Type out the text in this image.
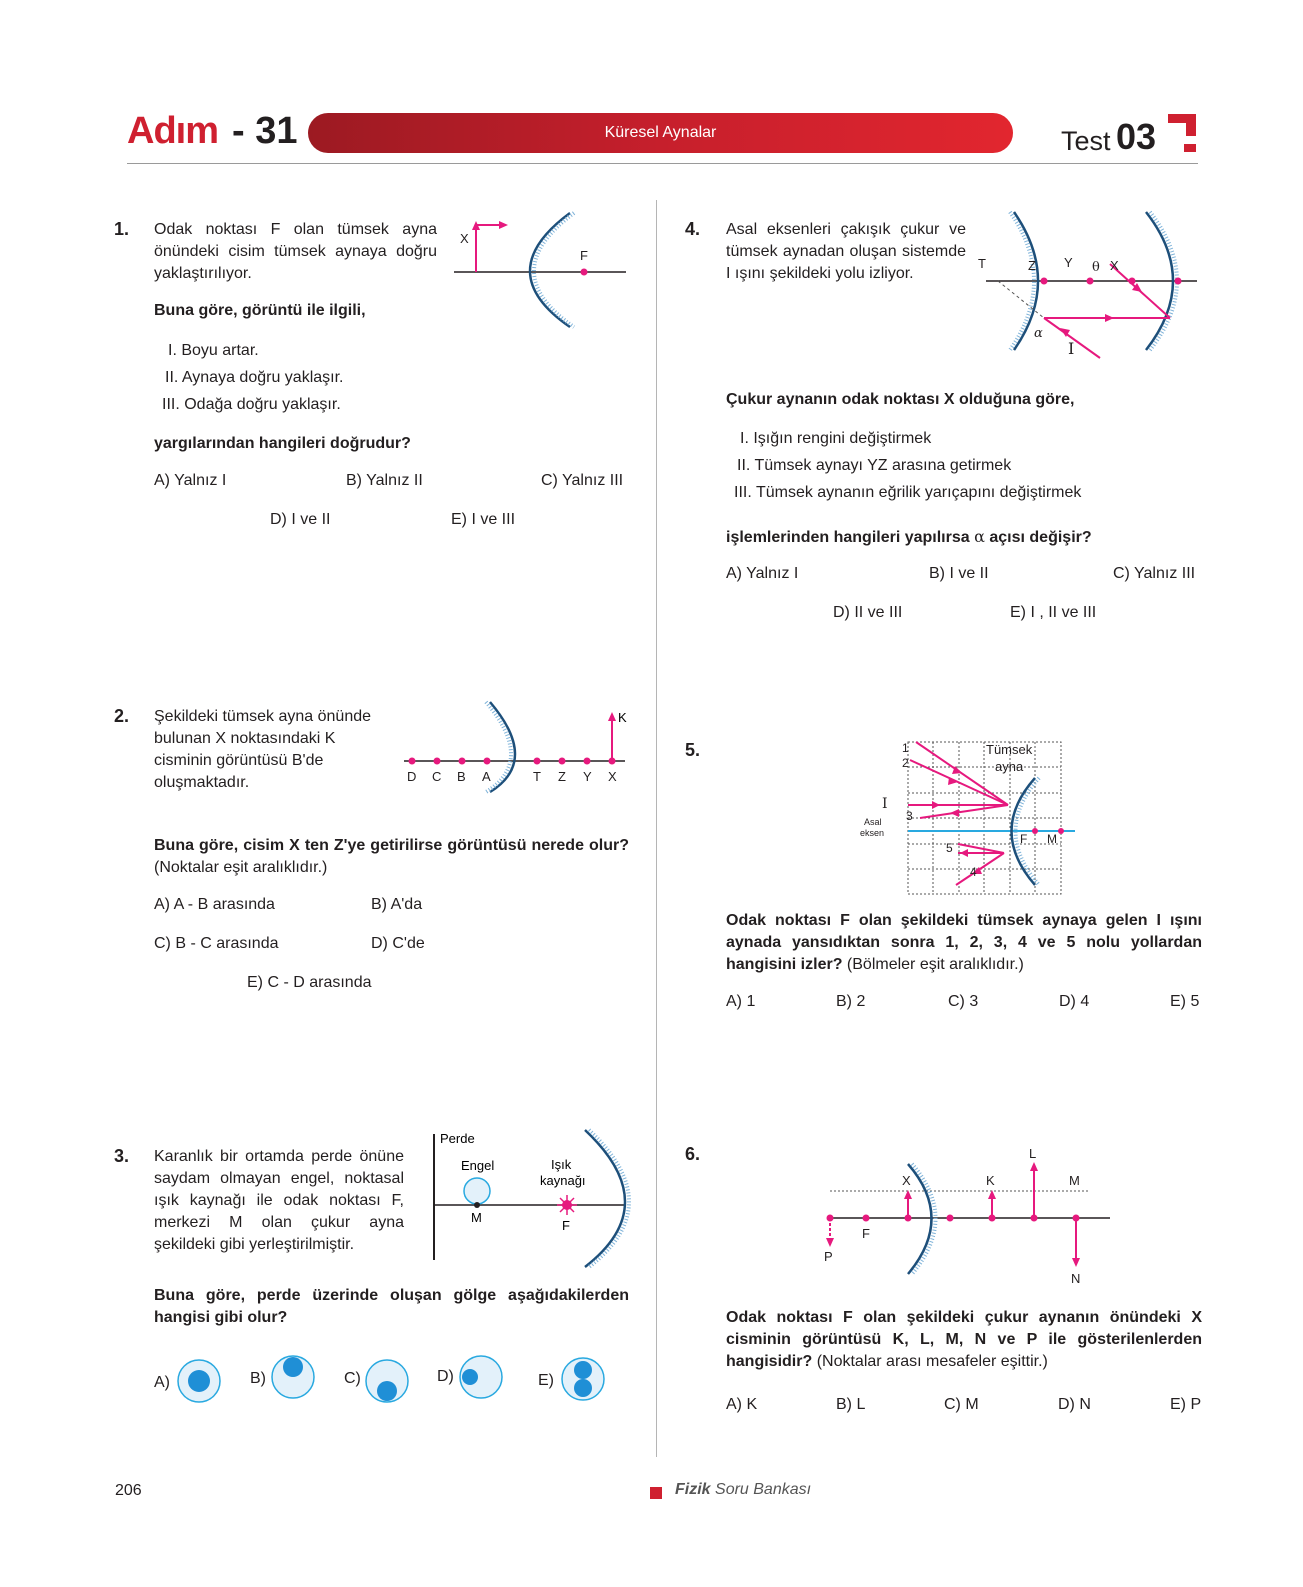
Adım - 31	Küresel Aynalar	Test 03
1. Odak noktası F olan tümsek ayna önündeki cisim tümsek aynaya doğru yaklaştırılıyor.
X
F
Buna göre, görüntü ile ilgili,
I. Boyu artar.
II. Aynaya doğru yaklaşır.
III. Odağa doğru yaklaşır.
yargılarından hangileri doğrudur?
A) Yalnız I	B) Yalnız II	C) Yalnız III
D) I ve II	E) I ve III
2. Şekildeki tümsek ayna önünde bulunan X noktasındaki K cisminin görüntüsü B'de oluşmaktadır.
K
D C B A	T Z Y X
Buna göre, cisim X ten Z'ye getirilirse görüntüsü nerede olur? (Noktalar eşit aralıklıdır.)
A) A - B arasında	B) A'da
C) B - C arasında	D) C'de
E) C - D arasında
3. Karanlık bir ortamda perde önüne saydam olmayan engel, noktasal ışık kaynağı ile odak noktası F, merkezi M olan çukur ayna şekildeki gibi yerleştirilmiştir.
Perde
Engel
M
Işık
kaynağı
F
Buna göre, perde üzerinde oluşan gölge aşağıdakilerden hangisi gibi olur?
A)	B)	C)	D)	E)
4. Asal eksenleri çakışık çukur ve tümsek aynadan oluşan sistemde I ışını şekildeki yolu izliyor.
T	Z Y θ X
α
I
Çukur aynanın odak noktası X olduğuna göre,
I. Işığın rengini değiştirmek
II. Tümsek aynayı YZ arasına getirmek
III. Tümsek aynanın eğrilik yarıçapını değiştirmek
işlemlerinden hangileri yapılırsa α açısı değişir?
A) Yalnız I	B) I ve II	C) Yalnız III
D) II ve III	E) I , II ve III
5.	1
2
3
4
5
I
Tümsek
ayna
Asal
eksen	F M
Odak noktası F olan şekildeki tümsek aynaya gelen I ışını aynada yansıdıktan sonra 1, 2, 3, 4 ve 5 nolu yollardan hangisini izler? (Bölmeler eşit aralıklıdır.)
A) 1	B) 2	C) 3	D) 4	E) 5
6.
X	K
L
M
N
P
F
Odak noktası F olan şekildeki çukur aynanın önündeki X cisminin görüntüsü K, L, M, N ve P ile gösterilenlerden hangisidir? (Noktalar arası mesafeler eşittir.)
A) K	B) L	C) M	D) N	E) P
206	Fizik Soru Bankası
